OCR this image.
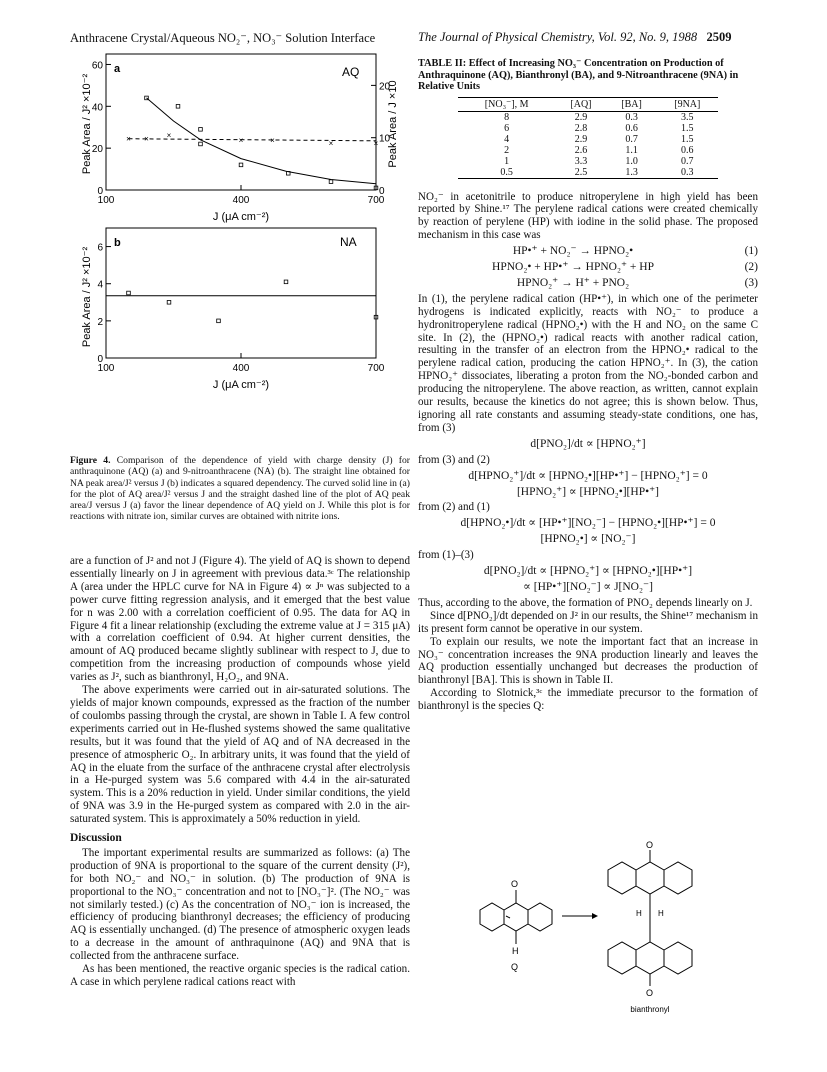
Anthracene Crystal/Aqueous NO₂⁻, NO₃⁻ Solution Interface	The Journal of Physical Chemistry, Vol. 92, No. 9, 1988 2509
a	AQ
60
40
20
0
20
10
0
100	400	700
Peak Area / J² ×10⁻²	Peak Area / J ×10
J (μA cm⁻²)
× × ×
×	×	×	×
b	NA
6
4
2
0
100	400	700
Peak Area / J² ×10⁻²
J (μA cm⁻²)
Figure 4. Comparison of the dependence of yield with charge density (J) for anthraquinone (AQ) (a) and 9-nitroanthracene (NA) (b). The straight line obtained for NA peak area/J² versus J (b) indicates a squared dependency. The curved solid line in (a) for the plot of AQ area/J² versus J and the straight dashed line of the plot of AQ peak area/J versus J (a) favor the linear dependence of AQ yield on J. While this plot is for reactions with nitrate ion, similar curves are obtained with nitrite ions.

are a function of J² and not J (Figure 4). The yield of AQ is shown to depend essentially linearly on J in agreement with previous data.³ᶜ The relationship A (area under the HPLC curve for NA in Figure 4) ∝ Jⁿ was subjected to a power curve fitting regression analysis, and it emerged that the best value for n was 2.00 with a correlation coefficient of 0.95. The data for AQ in Figure 4 fit a linear relationship (excluding the extreme value at J = 315 μA) with a correlation coefficient of 0.94. At higher current densities, the amount of AQ produced became slightly sublinear with respect to J, due to competition from the increasing production of compounds whose yield varies as J², such as bianthronyl, H₂O₂, and 9NA.

The above experiments were carried out in air-saturated solutions. The yields of major known compounds, expressed as the fraction of the number of coulombs passing through the crystal, are shown in Table I. A few control experiments carried out in He-flushed systems showed the same qualitative results, but it was found that the yield of AQ and of NA decreased in the presence of atmospheric O₂. In arbitrary units, it was found that the yield of AQ in the eluate from the surface of the anthracene crystal after electrolysis in a He-purged system was 5.6 compared with 4.4 in the air-saturated system. This is a 20% reduction in yield. Under similar conditions, the yield of 9NA was 3.9 in the He-purged system as compared with 2.0 in the air-saturated system. This is approximately a 50% reduction in yield.

Discussion

The important experimental results are summarized as follows: (a) The production of 9NA is proportional to the square of the current density (J²), for both NO₂⁻ and NO₃⁻ in solution. (b) The production of 9NA is proportional to the NO₃⁻ concentration and not to [NO₃⁻]². (The NO₂⁻ was not similarly tested.) (c) As the concentration of NO₃⁻ ion is increased, the efficiency of producing bianthronyl decreases; the efficiency of producing AQ is essentially unchanged. (d) The presence of atmospheric oxygen leads to a decrease in the amount of anthraquinone (AQ) and 9NA that is collected from the anthracene surface.

As has been mentioned, the reactive organic species is the radical cation. A case in which perylene radical cations react with

TABLE II: Effect of Increasing NO₃⁻ Concentration on Production of Anthraquinone (AQ), Bianthronyl (BA), and 9-Nitroanthracene (9NA) in Relative Units
[NO₃⁻], M	[AQ]	[BA]	[9NA]
8	2.9	0.3	3.5
6	2.8	0.6	1.5
4	2.9	0.7	1.5
2	2.6	1.1	0.6
1	3.3	1.0	0.7
0.5	2.5	1.3	0.3

NO₂⁻ in acetonitrile to produce nitroperylene in high yield has been reported by Shine.¹⁷ The perylene radical cations were created chemically by reaction of perylene (HP) with iodine in the solid phase. The proposed mechanism in this case was

HP•⁺ + NO₂⁻ → HPNO₂•	(1)
HPNO₂• + HP•⁺ → HPNO₂⁺ + HP	(2)
HPNO₂⁺ → H⁺ + PNO₂	(3)

In (1), the perylene radical cation (HP•⁺), in which one of the perimeter hydrogens is indicated explicitly, reacts with NO₂⁻ to produce a hydronitroperylene radical (HPNO₂•) with the H and NO₂ on the same C site. In (2), the (HPNO₂•) radical reacts with another radical cation, resulting in the transfer of an electron from the HPNO₂• radical to the perylene radical cation, producing the cation HPNO₂⁺. In (3), the cation HPNO₂⁺ dissociates, liberating a proton from the NO₂-bonded carbon and producing the nitroperylene. The above reaction, as written, cannot explain our results, because the kinetics do not agree; this is shown below. Thus, ignoring all rate constants and assuming steady-state conditions, one has, from (3)

d[PNO₂]/dt ∝ [HPNO₂⁺]

from (3) and (2)

d[HPNO₂⁺]/dt ∝ [HPNO₂•][HP•⁺] − [HPNO₂⁺] = 0
[HPNO₂⁺] ∝ [HPNO₂•][HP•⁺]

from (2) and (1)

d[HPNO₂•]/dt ∝ [HP•⁺][NO₂⁻] − [HPNO₂•][HP•⁺] = 0
[HPNO₂•] ∝ [NO₂⁻]

from (1)–(3)

d[PNO₂]/dt ∝ [HPNO₂⁺] ∝ [HPNO₂•][HP•⁺]
∝ [HP•⁺][NO₂⁻] ∝ J[NO₂⁻]

Thus, according to the above, the formation of PNO₂ depends linearly on J.

Since d[PNO₂]/dt depended on J² in our results, the Shine¹⁷ mechanism in its present form cannot be operative in our system.

To explain our results, we note the important fact that an increase in NO₃⁻ concentration increases the 9NA production linearly and leaves the AQ production essentially unchanged but decreases the production of bianthronyl [BA]. This is shown in Table II.

According to Slotnick,³ᶜ the immediate precursor to the formation of bianthronyl is the species Q:

O
H
Q
O
H H
O
bianthronyl
